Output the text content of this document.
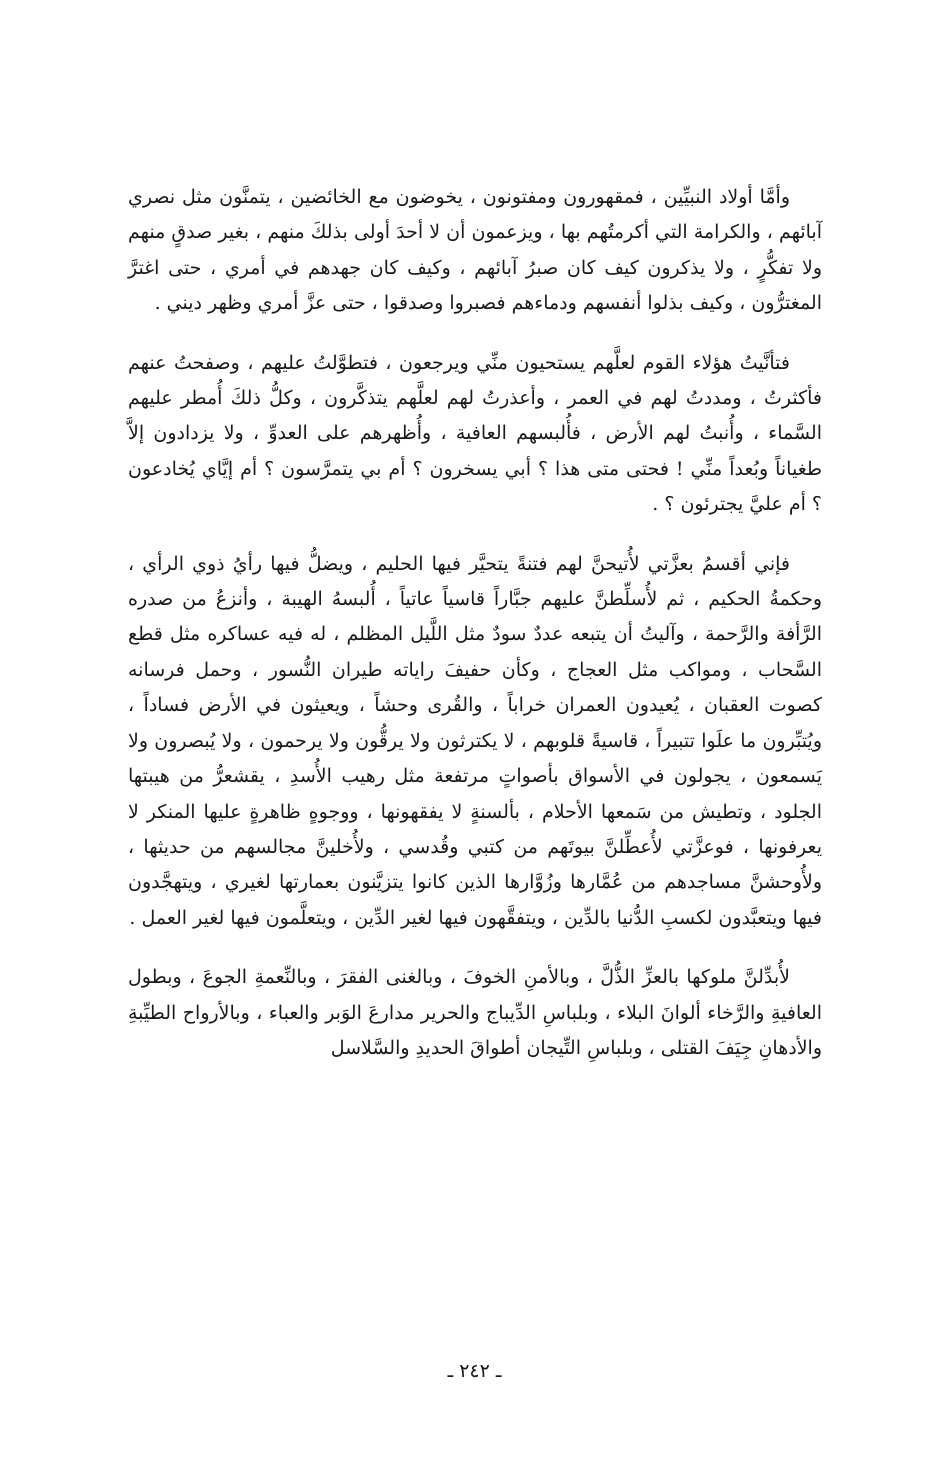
وأمَّا أولاد النبيِّين ، فمقهورون ومفتونون ، يخوضون مع الخائضين ، يتمنَّون مثل نصري آبائهم ، والكرامة التي أكرمتُهم بها ، ويزعمون أن لا أحدَ أولى بذلكَ منهم ، بغير صدقٍ منهم ولا تفكُّرٍ ، ولا يذكرون كيف كان صبرُ آبائهم ، وكيف كان جهدهم في أمري ، حتى اغترَّ المغترُّون ، وكيف بذلوا أنفسهم ودماءهم فصبروا وصدقوا ، حتى عزَّ أمري وظهر ديني .

فتأنَّيتُ هؤلاء القوم لعلَّهم يستحيون منِّي ويرجعون ، فتطوَّلتُ عليهم ، وصفحتُ عنهم فأكثرتُ ، ومددتُ لهم في العمر ، وأعذرتُ لهم لعلَّهم يتذكَّرون ، وكلُّ ذلكَ أُمطر عليهم السَّماء ، وأُنبتُ لهم الأرض ، فأُلبسهم العافية ، وأُظهرهم على العدوِّ ، ولا يزدادون إلاَّ طغياناً وبُعداً منِّي ! فحتى متى هذا ؟ أبي يسخرون ؟ أم بي يتمرَّسون ؟ أم إيَّاي يُخادعون ؟ أم عليَّ يجترئون ؟ .

فإني أقسمُ بعزَّتي لأُتيحنَّ لهم فتنةً يتحيَّر فيها الحليم ، ويضلُّ فيها رأيُ ذوي الرأي ، وحكمةُ الحكيم ، ثم لأُسلِّطنَّ عليهم جبَّاراً قاسياً عاتياً ، أُلبسهُ الهيبة ، وأنزعُ من صدره الرَّأفة والرَّحمة ، وآليتُ أن يتبعه عددٌ سودٌ مثل اللَّيل المظلم ، له فيه عساكره مثل قطع السَّحاب ، ومواكب مثل العجاج ، وكأن حفيفَ راياته طيران النُّسور ، وحمل فرسانه كصوت العقبان ، يُعيدون العمران خراباً ، والقُرى وحشاً ، ويعيثون في الأرض فساداً ، ويُتبِّرون ما علَوا تتبيراً ، قاسيةً قلوبهم ، لا يكترثون ولا يرقُّون ولا يرحمون ، ولا يُبصرون ولا يَسمعون ، يجولون في الأسواق بأصواتٍ مرتفعة مثل رهيب الأُسدِ ، يقشعرُّ من هيبتها الجلود ، وتطيش من سَمعها الأحلام ، بألسنةٍ لا يفقهونها ، ووجوهٍ ظاهرةٍ عليها المنكر لا يعرفونها ، فوعزَّتي لأُعطِّلنَّ بيوتَهم من كتبي وقُدسي ، ولأُخلينَّ مجالسهم من حديثها ، ولأُوحشنَّ مساجدهم من عُمَّارها وزُوَّارها الذين كانوا يتزيَّنون بعمارتها لغيري ، ويتهجَّدون فيها ويتعبَّدون لكسبِ الدُّنيا بالدِّين ، ويتفقَّهون فيها لغير الدِّين ، ويتعلَّمون فيها لغير العمل .

لأُبدِّلنَّ ملوكها بالعزِّ الذُّلَّ ، وبالأمنِ الخوفَ ، وبالغنى الفقرَ ، وبالنِّعمةِ الجوعَ ، وبطول العافيةِ والرَّخاء ألوانَ البلاء ، وبلباسِ الدِّيباج والحرير مدارعَ الوَبر والعباء ، وبالأرواح الطيِّبةِ والأدهانِ جِيَفَ القتلى ، وبلباسِ التِّيجان أطواقَ الحديدِ والسَّلاسل

ـ ٢٤٢ ـ
